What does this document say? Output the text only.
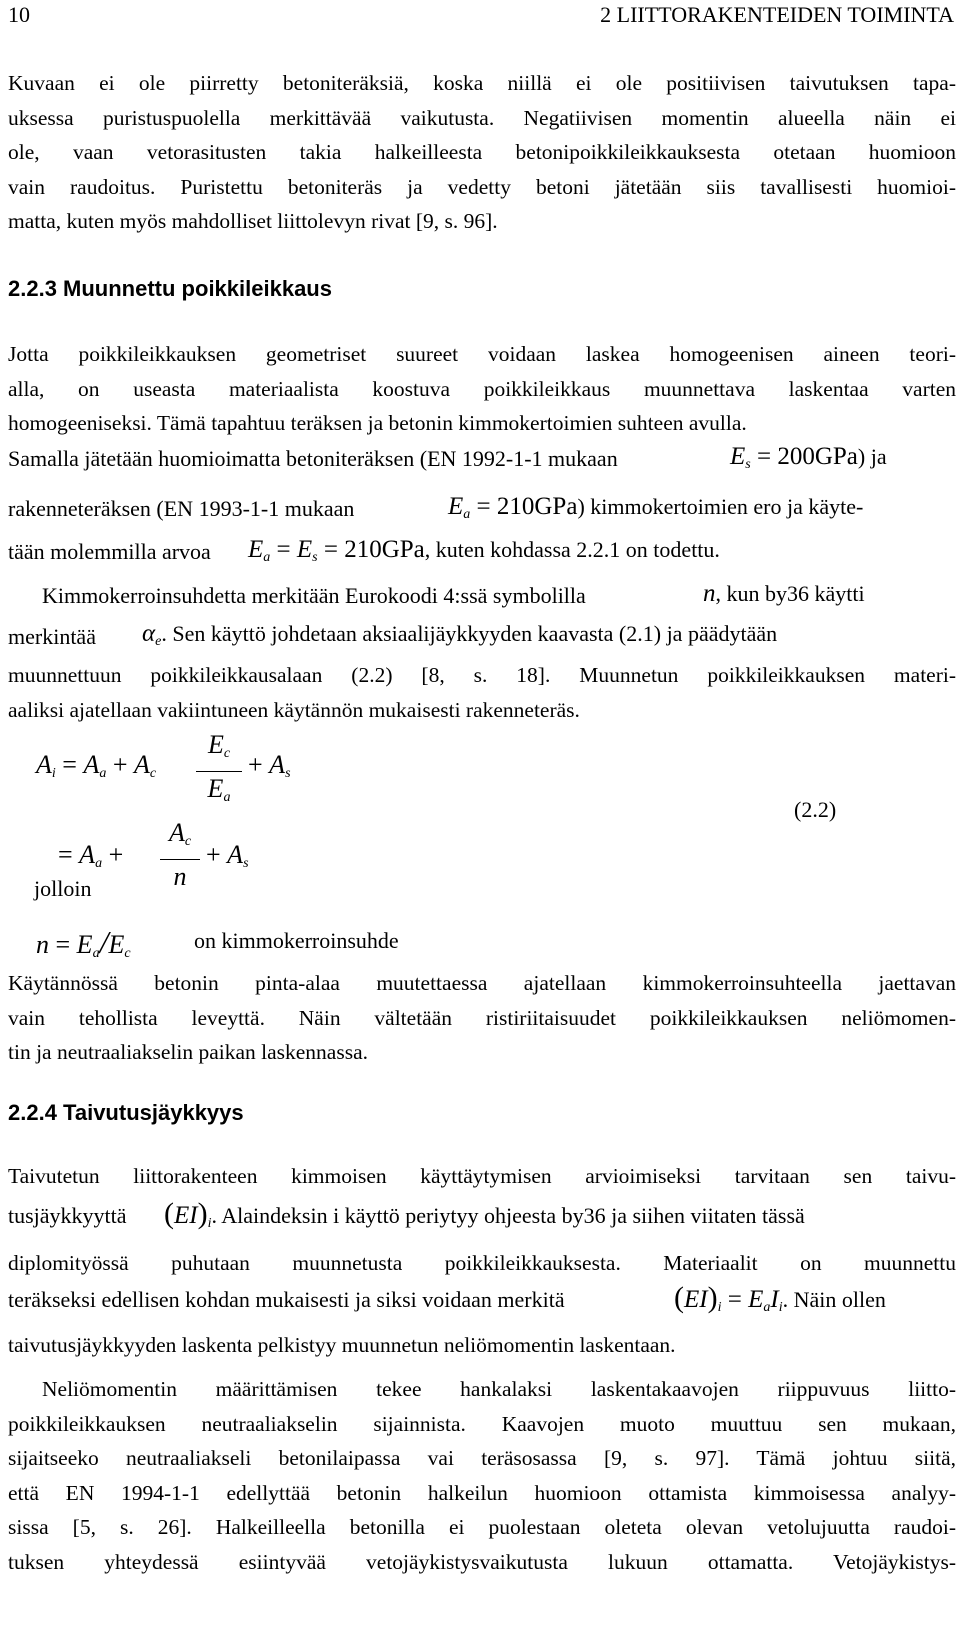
10	2 LIITTORAKENTEIDEN TOIMINTA
Kuvaan ei ole piirretty betoniteräksiä, koska niillä ei ole positiivisen taivutuksen tapa-
uksessa puristuspuolella merkittävää vaikutusta. Negatiivisen momentin alueella näin ei
ole, vaan vetorasitusten takia halkeilleesta betonipoikkileikkauksesta otetaan huomioon
vain raudoitus. Puristettu betoniteräs ja vedetty betoni jätetään siis tavallisesti huomioi-
matta, kuten myös mahdolliset liittolevyn rivat [9, s. 96].
2.2.3 Muunnettu poikkileikkaus
Jotta poikkileikkauksen geometriset suureet voidaan laskea homogeenisen aineen teori-
alla, on useasta materiaalista koostuva poikkileikkaus muunnettava laskentaa varten
homogeeniseksi. Tämä tapahtuu teräksen ja betonin kimmokertoimien suhteen avulla.
Samalla jätetään huomioimatta betoniteräksen (EN 1992-1-1 mukaan	$E_s = 200GPa$) ja
rakenneteräksen (EN 1993-1-1 mukaan	$E_a = 210GPa$) kimmokertoimien ero ja käyte-
tään molemmilla arvoa $E_a = E_s = 210GPa$, kuten kohdassa 2.2.1 on todettu.
Kimmokerroinsuhdetta merkitään Eurokoodi 4:ssä symbolilla	n, kun by36 käytti
merkintää $\alpha_e$. Sen käyttö johdetaan aksiaalijäykkyyden kaavasta (2.1) ja päädytään
muunnettuun poikkileikkausalaan (2.2) [8, s. 18]. Muunnetun poikkileikkauksen materi-
aaliksi ajatellaan vakiintuneen käytännön mukaisesti rakenneteräs.
$A_i = A_a + A_c$
$E_c$
$E_a$
+ $A_s$
(2.2)
= $A_a$ +
$A_c$
n
+ $A_s$
jolloin
$n = E_a/E_c$
on kimmokerroinsuhde
Käytännössä betonin pinta-alaa muutettaessa ajatellaan kimmokerroinsuhteella jaettavan
vain tehollista leveyttä. Näin vältetään ristiriitaisuudet poikkileikkauksen neliömomen-
tin ja neutraaliakselin paikan laskennassa.
2.2.4 Taivutusjäykkyys
Taivutetun liittorakenteen kimmoisen käyttäytymisen arvioimiseksi tarvitaan sen taivu-
tusjäykkyyttä $(EI)_i$. Alaindeksin i käyttö periytyy ohjeesta by36 ja siihen viitaten tässä
diplomityössä puhutaan muunnetusta poikkileikkauksesta. Materiaalit on muunnettu
teräkseksi edellisen kohdan mukaisesti ja siksi voidaan merkitä	$(EI)_i = E_aI_i$. Näin ollen
taivutusjäykkyyden laskenta pelkistyy muunnetun neliömomentin laskentaan.
Neliömomentin määrittämisen tekee hankalaksi laskentakaavojen riippuvuus liitto-
poikkileikkauksen neutraaliakselin sijainnista. Kaavojen muoto muuttuu sen mukaan,
sijaitseeko neutraaliakseli betonilaipassa vai teräsosassa [9, s. 97]. Tämä johtuu siitä,
että EN 1994-1-1 edellyttää betonin halkeilun huomioon ottamista kimmoisessa analyy-
sissa [5, s. 26]. Halkeilleella betonilla ei puolestaan oleteta olevan vetolujuutta raudoi-
tuksen yhteydessä esiintyvää vetojäykistysvaikutusta lukuun ottamatta. Vetojäykistys-
